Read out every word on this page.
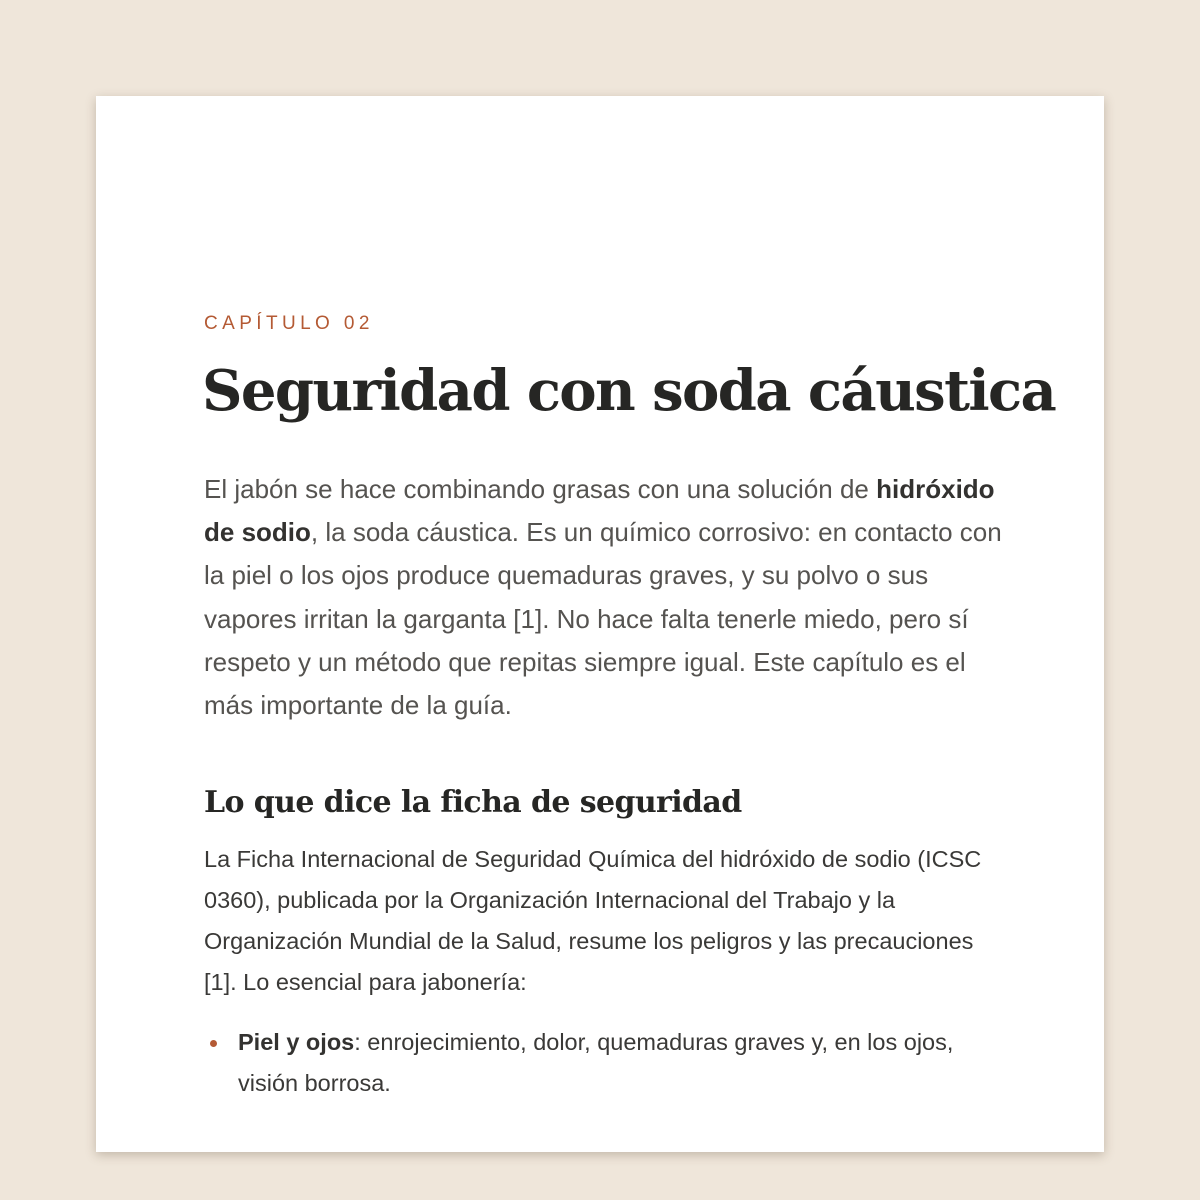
CAPÍTULO 02

Seguridad con soda cáustica

El jabón se hace combinando grasas con una solución de hidróxido de sodio, la soda cáustica. Es un químico corrosivo: en contacto con la piel o los ojos produce quemaduras graves, y su polvo o sus vapores irritan la garganta [1]. No hace falta tenerle miedo, pero sí respeto y un método que repitas siempre igual. Este capítulo es el más importante de la guía.

Lo que dice la ficha de seguridad

La Ficha Internacional de Seguridad Química del hidróxido de sodio (ICSC 0360), publicada por la Organización Internacional del Trabajo y la Organización Mundial de la Salud, resume los peligros y las precauciones [1]. Lo esencial para jabonería:

Piel y ojos: enrojecimiento, dolor, quemaduras graves y, en los ojos, visión borrosa.
